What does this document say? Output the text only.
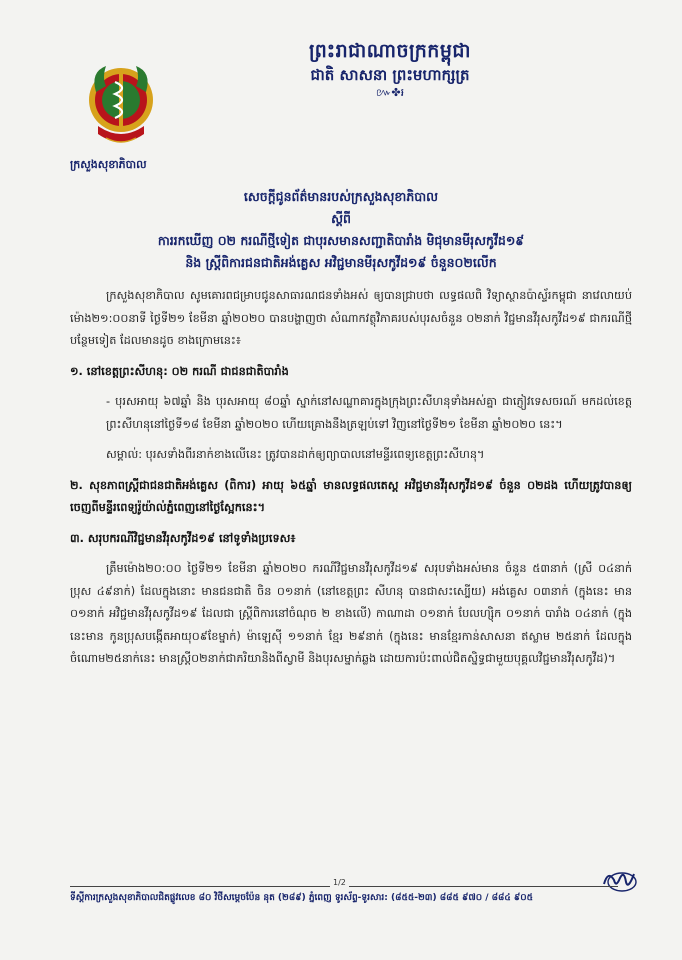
ព្រះរាជាណាចក្រកម្ពុជា
ជាតិ សាសនា ព្រះមហាក្សត្រ
៚✤៛
ក្រសួងសុខាភិបាល
សេចក្តីជូនព័ត៌មានរបស់ក្រសួងសុខាភិបាល
ស្តីពី
ការរកឃើញ ០២ ករណីថ្មីទៀត ជាបុរសមានសញ្ជាតិបារាំង មិជុមានមីរុសកូវីដ១៩
និង ស្ត្រីពិការជនជាតិអង់គ្លេស អវិជ្ជមានមីរុសកូវីដ១៩ ចំនួន០២លើក

ក្រសួងសុខាភិបាល សូមគោរពជម្រាបជូនសាធារណជនទាំងអស់ ឲ្យបានជ្រាបថា លទ្ធផលពិ វិទ្យាស្ថានប៉ាស្ទ័រកម្ពុជា នាវេលាយប់ម៉ោង២១:០០នាទី ថ្ងៃទី២១ ខែមីនា ឆ្នាំ២០២០ បានបង្ហាញថា សំណាកវត្ថុវិភាគរបស់បុរសចំនួន ០២នាក់ វិជ្ជមានវីរុសកូវីដ១៩ ជាករណីថ្មីបន្ថែមទៀត ដែលមានដូច ខាងក្រោមនេះ៖

១. នៅខេត្តព្រះសីហនុ: ០២ ករណី ជាជនជាតិបារាំង

- បុរសអាយុ ៦៧ឆ្នាំ និង បុរសអាយុ ៨០ឆ្នាំ ស្នាក់នៅសណ្ឋាគារក្នុងក្រុងព្រះសីហនុទាំងអស់គ្នា ជាភ្ញៀវទេសចរណ៍ មកដល់ខេត្តព្រះសីហនុនៅថ្ងៃទី១៨ ខែមីនា ឆ្នាំ២០២០ ហើយគ្រោងនឹងត្រឡប់ទៅ វិញនៅថ្ងៃទី២១ ខែមីនា ឆ្នាំ២០២០ នេះ។

សម្គាល់: បុរសទាំងពីរនាក់ខាងលើនេះ ត្រូវបានដាក់ឲ្យព្យាបាលនៅមន្ទីរពេទ្យខេត្តព្រះសីហនុ។

២. សុខភាពស្ត្រីជាជនជាតិអង់គ្លេស (ពិការ) អាយុ ៦៥ឆ្នាំ មានលទ្ធផលតេស្ត អវិជ្ជមានវីរុសកូវីដ១៩ ចំនួន ០២ដង ហើយត្រូវបានឲ្យចេញពីមន្ទីរពេទ្យរ៉ូយ៉ាល់ភ្នំពេញនៅថ្ងៃស្អែកនេះ។

៣. សរុបករណីវិជ្ជមានវីរុសកូវីដ១៩ នៅទូទាំងប្រទេស៖

ត្រឹមម៉ោង២០:០០ ថ្ងៃទី២១ ខែមីនា ឆ្នាំ២០២០ ករណីវិជ្ជមានវីរុសកូវីដ១៩ សរុបទាំងអស់មាន ចំនួន ៥៣នាក់ (ស្រី ០៤នាក់ ប្រុស ៤៩នាក់) ដែលក្នុងនោះ មានជនជាតិ ចិន ០១នាក់ (នៅខេត្តព្រះ សីហនុ បានជាសះស្បើយ) អង់គ្លេស ០៣នាក់ (ក្នុងនេះ មាន ០១នាក់ អវិជ្ជមានវីរុសកូវីដ១៩ ដែលជា ស្ត្រីពិការនៅចំណុច ២ ខាងលើ) កាណាដា ០១នាក់ បែលហ្ស៊ិក ០១នាក់ បារាំង ០៤នាក់ (ក្នុងនេះមាន កូនប្រុសបង្កើតអាយុ០៩ខែម្នាក់) ម៉ាឡេស៊ី ១១នាក់ ខ្មែរ ២៩នាក់ (ក្នុងនេះ មានខ្មែរកាន់សាសនា ឥស្លាម ២៥នាក់ ដែលក្នុងចំណោម២៥នាក់នេះ មានស្ត្រី០២នាក់ជាភរិយានិងពីស្វាមី និងបុរសម្នាក់ឆ្លង ដោយការប៉ះពាល់ជិតស្និទ្ធជាមួយបុគ្គលវិជ្ជមានវីរុសកូវីដ)។

1/2
ទីស្តីការក្រសួងសុខាភិបាលជិតផ្លូវលេខ ៨០ វិថីសម្តេចប៉ែន នុត (២៨៩) ភ្នំពេញ ទូរស័ព្ទ-ទូរសារ: (៨៥៥-២៣) ៨៨៥ ៩៧០ / ៨៨៤ ៩០៥
